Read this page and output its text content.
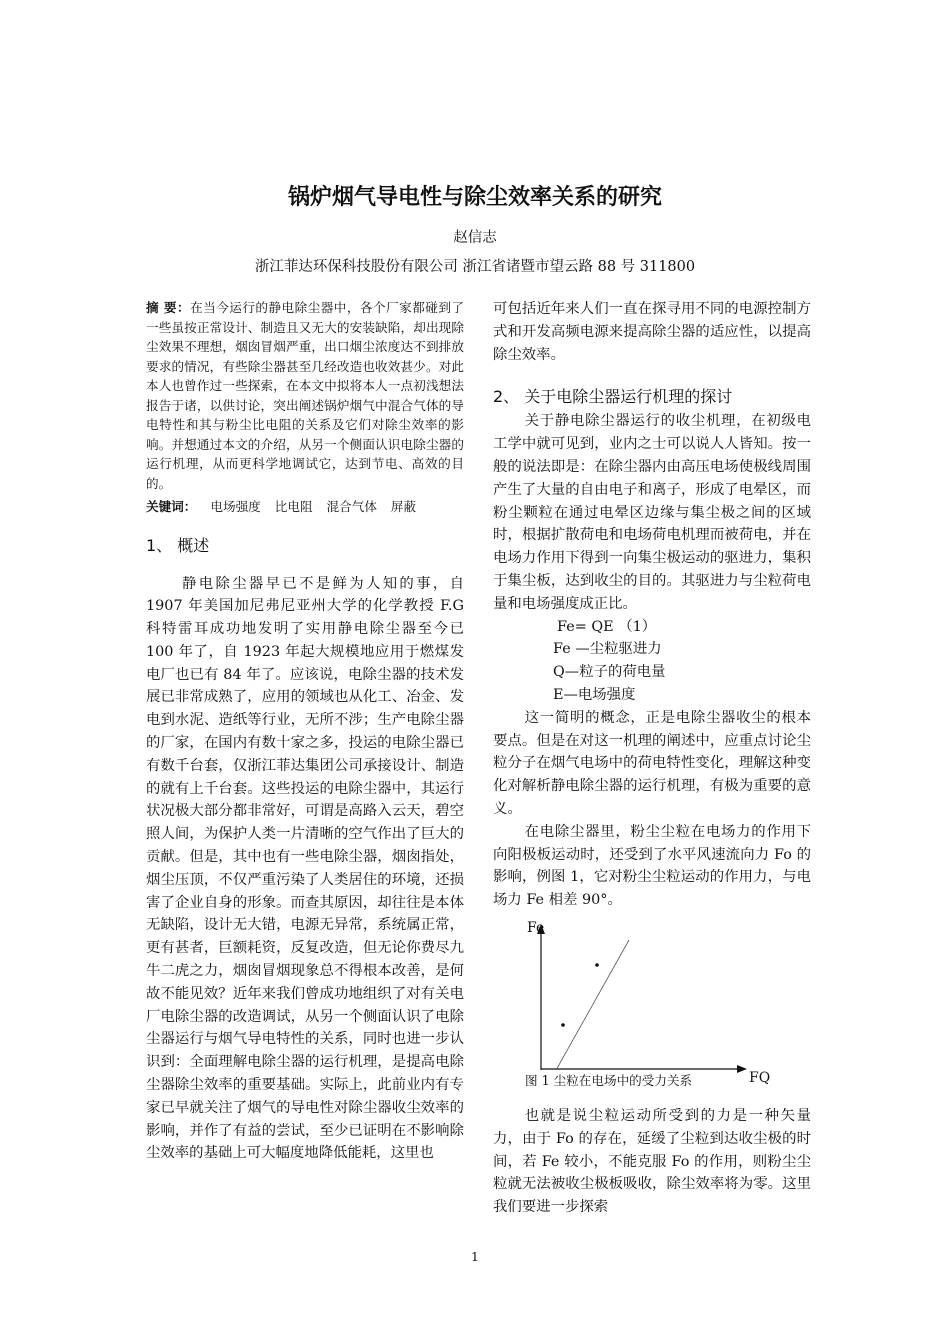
锅炉烟气导电性与除尘效率关系的研究
赵信志
浙江菲达环保科技股份有限公司 浙江省诸暨市望云路 88 号 311800

摘 要：在当今运行的静电除尘器中，各个厂家都碰到了一些虽按正常设计、制造且又无大的安装缺陷，却出现除尘效果不理想，烟囱冒烟严重，出口烟尘浓度达不到排放要求的情况，有些除尘器甚至几经改造也收效甚少。对此本人也曾作过一些探索，在本文中拟将本人一点初浅想法报告于诸，以供讨论，突出阐述锅炉烟气中混合气体的导电特性和其与粉尘比电阻的关系及它们对除尘效率的影响。并想通过本文的介绍，从另一个侧面认识电除尘器的运行机理，从而更科学地调试它，达到节电、高效的目的。

关键词： 电场强度 比电阻 混合气体 屏蔽

1、 概述

静电除尘器早已不是鲜为人知的事，自 1907 年美国加尼弗尼亚州大学的化学教授 F.G 科特雷耳成功地发明了实用静电除尘器至今已 100 年了，自 1923 年起大规模地应用于燃煤发电厂也已有 84 年了。应该说，电除尘器的技术发展已非常成熟了，应用的领域也从化工、冶金、发电到水泥、造纸等行业，无所不涉；生产电除尘器的厂家，在国内有数十家之多，投运的电除尘器已有数千台套，仅浙江菲达集团公司承接设计、制造的就有上千台套。这些投运的电除尘器中，其运行状况极大部分都非常好，可谓是高路入云天，碧空照人间，为保护人类一片清晰的空气作出了巨大的贡献。但是，其中也有一些电除尘器，烟囱指处，烟尘压顶，不仅严重污染了人类居住的环境，还损害了企业自身的形象。而查其原因，却往往是本体无缺陷，设计无大错，电源无异常，系统属正常，更有甚者，巨额耗资，反复改造，但无论你费尽九牛二虎之力，烟囱冒烟现象总不得根本改善，是何故不能见效？近年来我们曾成功地组织了对有关电厂电除尘器的改造调试，从另一个侧面认识了电除尘器运行与烟气导电特性的关系，同时也进一步认识到：全面理解电除尘器的运行机理，是提高电除尘器除尘效率的重要基础。实际上，此前业内有专家已早就关注了烟气的导电性对除尘器收尘效率的影响，并作了有益的尝试，至少已证明在不影响除尘效率的基础上可大幅度地降低能耗，这里也

可包括近年来人们一直在探寻用不同的电源控制方式和开发高频电源来提高除尘器的适应性，以提高除尘效率。

2、 关于电除尘器运行机理的探讨

关于静电除尘器运行的收尘机理，在初级电工学中就可见到，业内之士可以说人人皆知。按一般的说法即是：在除尘器内由高压电场使极线周围产生了大量的自由电子和离子，形成了电晕区，而粉尘颗粒在通过电晕区边缘与集尘极之间的区域时，根据扩散荷电和电场荷电机理而被荷电，并在电场力作用下得到一向集尘极运动的驱进力，集积于集尘板，达到收尘的目的。其驱进力与尘粒荷电量和电场强度成正比。

Fe= QE （1）

Fe —尘粒驱进力

Q—粒子的荷电量

E—电场强度

这一简明的概念，正是电除尘器收尘的根本要点。但是在对这一机理的阐述中，应重点讨论尘粒分子在烟气电场中的荷电特性变化，理解这种变化对解析静电除尘器的运行机理，有极为重要的意义。

在电除尘器里，粉尘尘粒在电场力的作用下向阳极板运动时，还受到了水平风速流向力 Fo 的影响，例图 1，它对粉尘尘粒运动的作用力，与电场力 Fe 相差 90°。

Fe
图 1 尘粒在电场中的受力关系	FQ

也就是说尘粒运动所受到的力是一种矢量力，由于 Fo 的存在，延缓了尘粒到达收尘极的时间，若 Fe 较小，不能克服 Fo 的作用，则粉尘尘粒就无法被收尘极板吸收，除尘效率将为零。这里我们要进一步探索

1
